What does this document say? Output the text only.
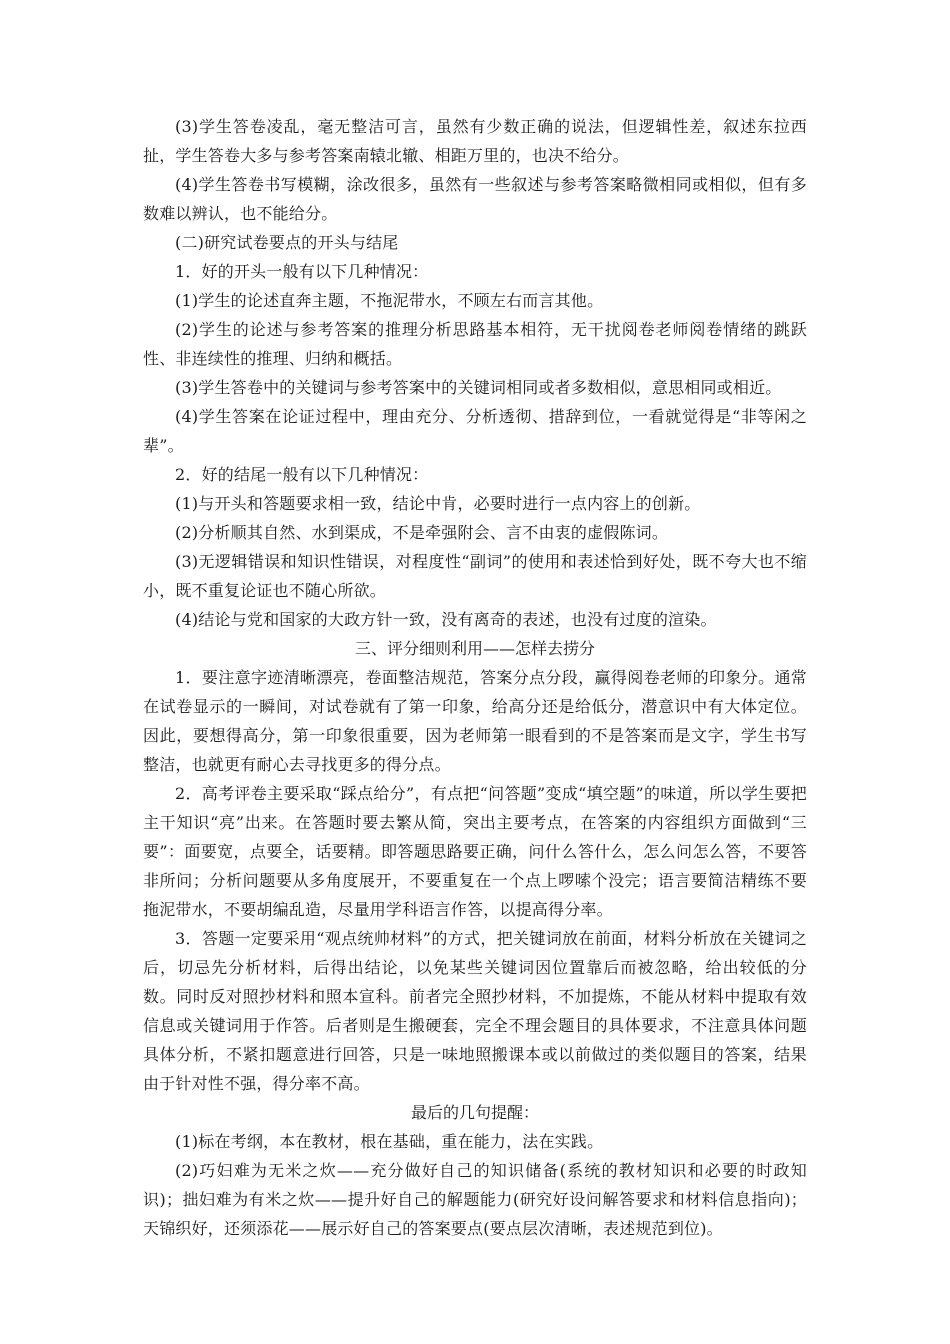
(3)学生答卷凌乱，毫无整洁可言，虽然有少数正确的说法，但逻辑性差，叙述东拉西扯，学生答卷大多与参考答案南辕北辙、相距万里的，也决不给分。

(4)学生答卷书写模糊，涂改很多，虽然有一些叙述与参考答案略微相同或相似，但有多数难以辨认，也不能给分。

(二)研究试卷要点的开头与结尾

1．好的开头一般有以下几种情况：

(1)学生的论述直奔主题，不拖泥带水，不顾左右而言其他。

(2)学生的论述与参考答案的推理分析思路基本相符，无干扰阅卷老师阅卷情绪的跳跃性、非连续性的推理、归纳和概括。

(3)学生答卷中的关键词与参考答案中的关键词相同或者多数相似，意思相同或相近。

(4)学生答案在论证过程中，理由充分、分析透彻、措辞到位，一看就觉得是“非等闲之辈”。

2．好的结尾一般有以下几种情况：

(1)与开头和答题要求相一致，结论中肯，必要时进行一点内容上的创新。

(2)分析顺其自然、水到渠成，不是牵强附会、言不由衷的虚假陈词。

(3)无逻辑错误和知识性错误，对程度性“副词”的使用和表述恰到好处，既不夸大也不缩小，既不重复论证也不随心所欲。

(4)结论与党和国家的大政方针一致，没有离奇的表述，也没有过度的渲染。

三、评分细则利用——怎样去捞分

1．要注意字迹清晰漂亮，卷面整洁规范，答案分点分段，赢得阅卷老师的印象分。通常在试卷显示的一瞬间，对试卷就有了第一印象，给高分还是给低分，潜意识中有大体定位。因此，要想得高分，第一印象很重要，因为老师第一眼看到的不是答案而是文字，学生书写整洁，也就更有耐心去寻找更多的得分点。

2．高考评卷主要采取“踩点给分”，有点把“问答题”变成“填空题”的味道，所以学生要把主干知识“亮”出来。在答题时要去繁从简，突出主要考点，在答案的内容组织方面做到“三要”：面要宽，点要全，话要精。即答题思路要正确，问什么答什么，怎么问怎么答，不要答非所问；分析问题要从多角度展开，不要重复在一个点上啰嗦个没完；语言要简洁精练不要拖泥带水，不要胡编乱造，尽量用学科语言作答，以提高得分率。

3．答题一定要采用“观点统帅材料”的方式，把关键词放在前面，材料分析放在关键词之后，切忌先分析材料，后得出结论，以免某些关键词因位置靠后而被忽略，给出较低的分数。同时反对照抄材料和照本宣科。前者完全照抄材料，不加提炼，不能从材料中提取有效信息或关键词用于作答。后者则是生搬硬套，完全不理会题目的具体要求，不注意具体问题具体分析，不紧扣题意进行回答，只是一味地照搬课本或以前做过的类似题目的答案，结果由于针对性不强，得分率不高。

最后的几句提醒：

(1)标在考纲，本在教材，根在基础，重在能力，法在实践。

(2)巧妇难为无米之炊——充分做好自己的知识储备(系统的教材知识和必要的时政知识)；拙妇难为有米之炊——提升好自己的解题能力(研究好设问解答要求和材料信息指向)；天锦织好，还须添花——展示好自己的答案要点(要点层次清晰，表述规范到位)。
